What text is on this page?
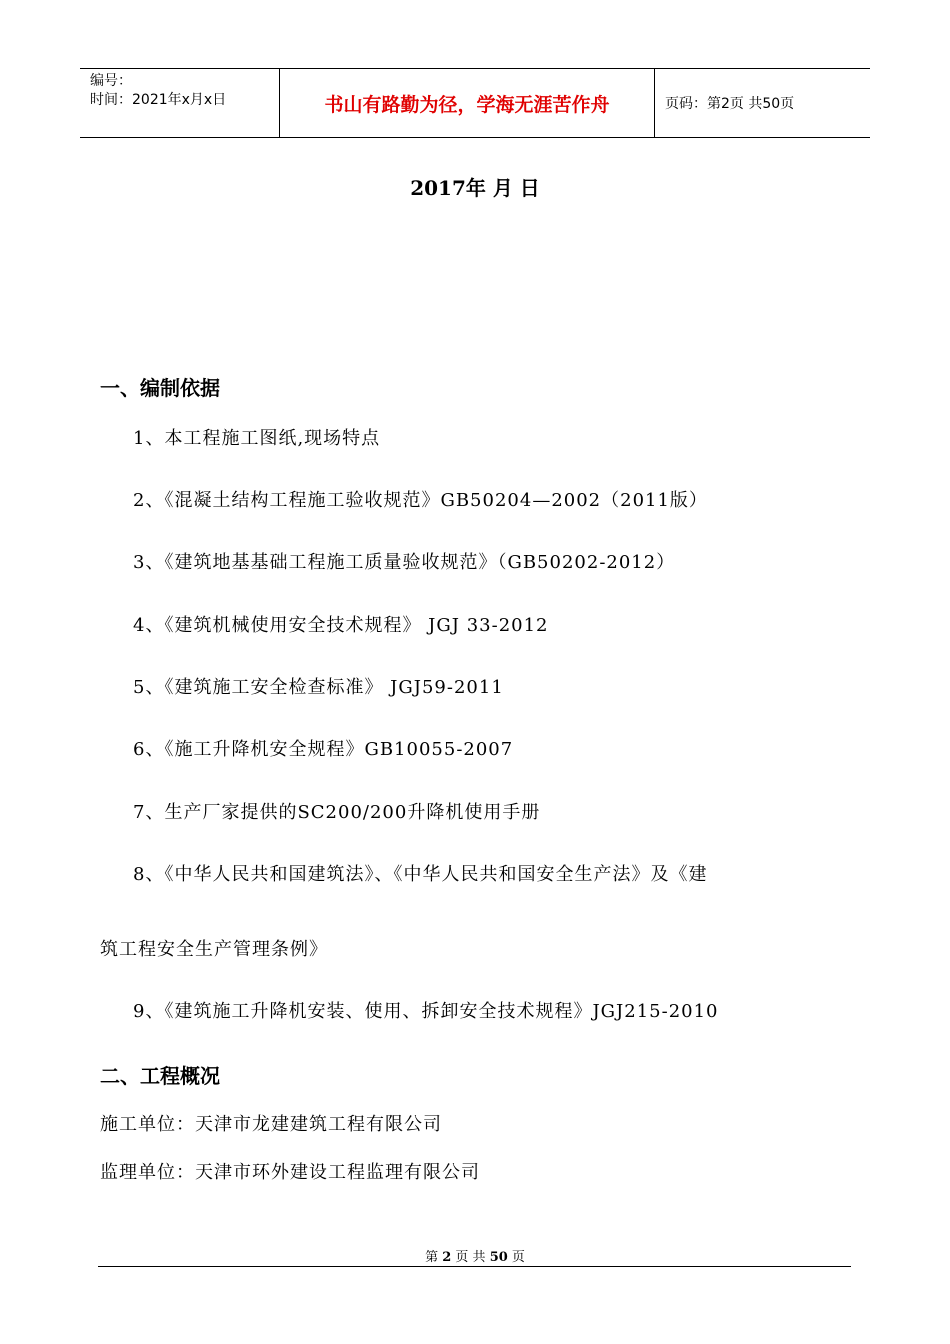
编号：
时间：2021年x月x日	书山有路勤为径，学海无涯苦作舟	页码：第2页 共50页
2017年 月 日
一、编制依据
1、本工程施工图纸,现场特点
2、《混凝土结构工程施工验收规范》GB50204—2002（2011版）
3、《建筑地基基础工程施工质量验收规范》（GB50202-2012）
4、《建筑机械使用安全技术规程》 JGJ 33-2012
5、《建筑施工安全检查标准》 JGJ59-2011
6、《施工升降机安全规程》GB10055-2007
7、生产厂家提供的SC200/200升降机使用手册
8、《中华人民共和国建筑法》、《中华人民共和国安全生产法》及《建
筑工程安全生产管理条例》
9、《建筑施工升降机安装、使用、拆卸安全技术规程》JGJ215-2010
二、工程概况
施工单位：天津市龙建建筑工程有限公司
监理单位：天津市环外建设工程监理有限公司
第 2 页 共 50 页
